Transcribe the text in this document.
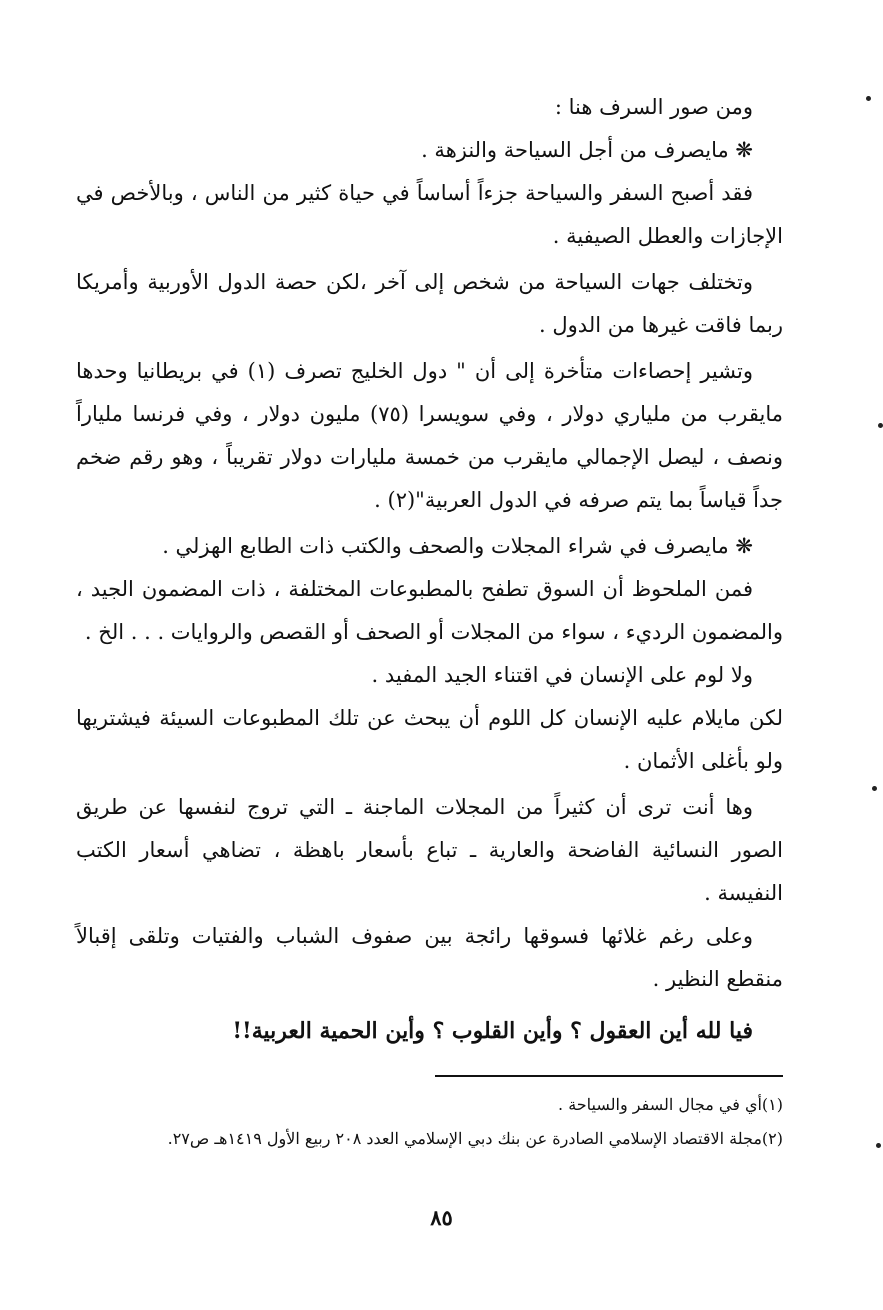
ومن صور السرف هنا :

❋ مايصرف من أجل السياحة والنزهة .

فقد أصبح السفر والسياحة جزءاً أساساً في حياة كثير من الناس ، وبالأخص في الإجازات والعطل الصيفية .

وتختلف جهات السياحة من شخص إلى آخر ،لكن حصة الدول الأوربية وأمريكا ربما فاقت غيرها من الدول .

وتشير إحصاءات متأخرة إلى أن " دول الخليج تصرف (١) في بريطانيا وحدها مايقرب من ملياري دولار ، وفي سويسرا (٧٥) مليون دولار ، وفي فرنسا ملياراً ونصف ، ليصل الإجمالي مايقرب من خمسة مليارات دولار تقريباً ، وهو رقم ضخم جداً قياساً بما يتم صرفه في الدول العربية"(٢) .

❋ مايصرف في شراء المجلات والصحف والكتب ذات الطابع الهزلي .

فمن الملحوظ أن السوق تطفح بالمطبوعات المختلفة ، ذات المضمون الجيد ، والمضمون الرديء ، سواء من المجلات أو الصحف أو القصص والروايات . . . الخ .

ولا لوم على الإنسان في اقتناء الجيد المفيد .

لكن مايلام عليه الإنسان كل اللوم أن يبحث عن تلك المطبوعات السيئة فيشتريها ولو بأغلى الأثمان .

وها أنت ترى أن كثيراً من المجلات الماجنة ـ التي تروج لنفسها عن طريق الصور النسائية الفاضحة والعارية ـ تباع بأسعار باهظة ، تضاهي أسعار الكتب النفيسة .

وعلى رغم غلائها فسوقها رائجة بين صفوف الشباب والفتيات وتلقى إقبالاً منقطع النظير .

فيا لله أين العقول ؟ وأين القلوب ؟ وأين الحمية العربية!!

(١)أي في مجال السفر والسياحة .

(٢)مجلة الاقتصاد الإسلامي الصادرة عن بنك دبي الإسلامي العدد ٢٠٨ ربيع الأول ١٤١٩هـ ص٢٧.

٨٥
